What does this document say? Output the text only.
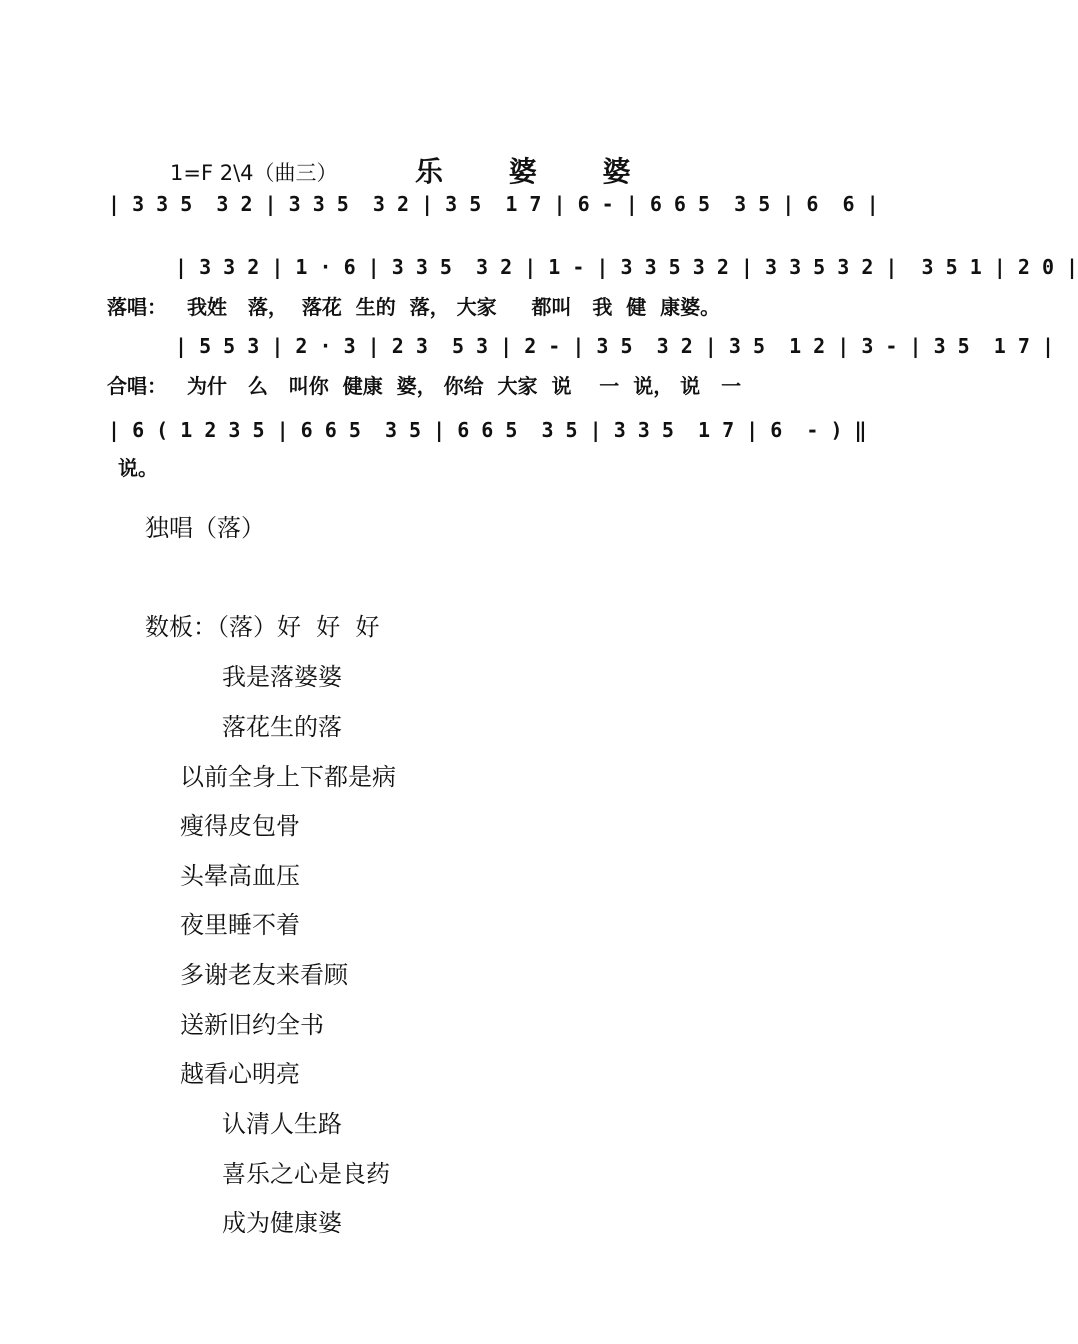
1=F 2\4（曲三）	乐 婆 婆
| 3 3 5  3 2 | 3 3 5  3 2 | 3 5  1 7 | 6 - | 6 6 5  3 5 | 6  6 |
| 3 3 2 | 1 · 6 | 3 3 5  3 2 | 1 - | 3 3 5 3 2 | 3 3 5 3 2 |  3 5 1 | 2 0 |
落唱： 我姓   落，  落花  生的  落， 大家     都叫   我  健  康婆。
| 5 5 3 | 2 · 3 | 2 3  5 3 | 2 - | 3 5  3 2 | 3 5  1 2 | 3 - | 3 5  1 7 |
合唱： 为什   么   叫你  健康  婆， 你给  大家  说    一  说， 说   一
| 6 ( 1 2 3 5 | 6 6 5  3 5 | 6 6 5  3 5 | 3 3 5  1 7 | 6  - ) ‖
说。
独唱（落）
数板：（落）好  好  好
我是落婆婆
落花生的落
以前全身上下都是病
瘦得皮包骨
头晕高血压
夜里睡不着
多谢老友来看顾
送新旧约全书
越看心明亮
认清人生路
喜乐之心是良药
成为健康婆
